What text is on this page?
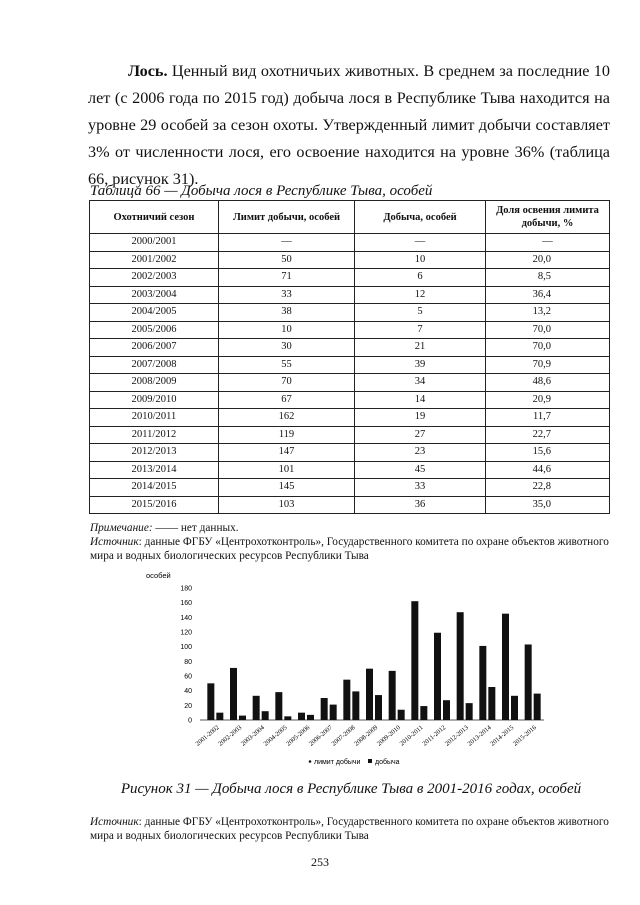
Лось. Ценный вид охотничьих животных. В среднем за последние 10 лет (с 2006 года по 2015 год) добыча лося в Республике Тыва находится на уровне 29 особей за сезон охоты. Утвержденный лимит добычи составляет 3% от численности лося, его освоение находится на уровне 36% (таблица 66, рисунок 31).
Таблица 66 — Добыча лося в Республике Тыва, особей
Охотничий сезон	Лимит добычи, особей	Добыча, особей	Доля освения лимита добычи, %
2000/2001	—	—	—
2001/2002	50	10	20,0
2002/2003	71	6	8,5
2003/2004	33	12	36,4
2004/2005	38	5	13,2
2005/2006	10	7	70,0
2006/2007	30	21	70,0
2007/2008	55	39	70,9
2008/2009	70	34	48,6
2009/2010	67	14	20,9
2010/2011	162	19	11,7
2011/2012	119	27	22,7
2012/2013	147	23	15,6
2013/2014	101	45	44,6
2014/2015	145	33	22,8
2015/2016	103	36	35,0
Примечание: —— нет данных.
Источник: данные ФГБУ «Центрохотконтроль», Государственного комитета по охране объектов животного мира и водных биологических ресурсов Республики Тыва
особей
0
20
40
60
80
100
120
140
160
180
2001-2002
2002-2003
2003-2004
2004-2005
2005-2006
2006-2007
2007-2008
2008-2009
2009-2010
2010-2011
2011-2012
2012-2013
2013-2014
2014-2015
2015-2016
лимит добычи добыча
Рисунок 31 — Добыча лося в Республике Тыва в 2001-2016 годах, особей
Источник: данные ФГБУ «Центрохотконтроль», Государственного комитета по охране объектов животного мира и водных биологических ресурсов Республики Тыва
253
